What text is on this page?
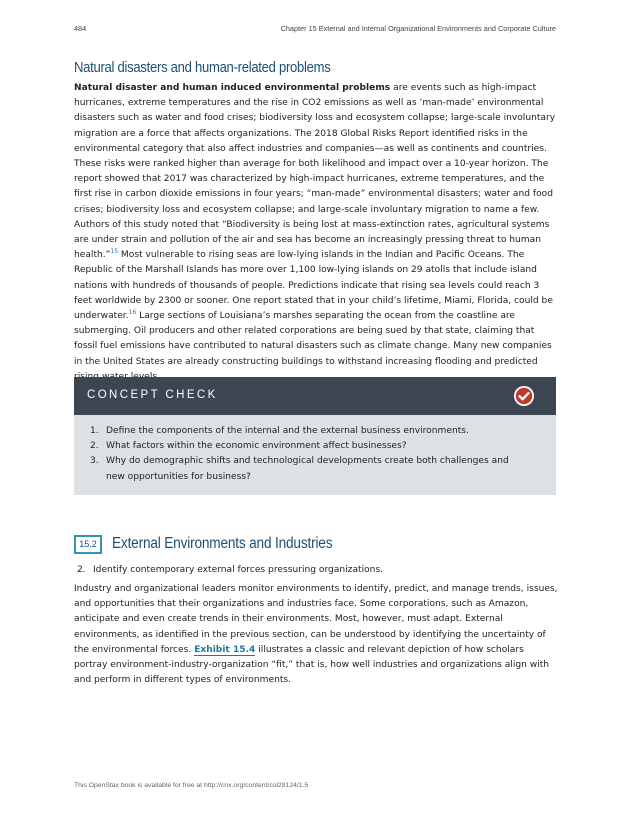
484	Chapter 15 External and Internal Organizational Environments and Corporate Culture
Natural disasters and human-related problems

Natural disaster and human induced environmental problems are events such as high-impact hurricanes, extreme temperatures and the rise in CO2 emissions as well as ‘man-made’ environmental disasters such as water and food crises; biodiversity loss and ecosystem collapse; large-scale involuntary migration are a force that affects organizations. The 2018 Global Risks Report identified risks in the environmental category that also affect industries and companies—as well as continents and countries. These risks were ranked higher than average for both likelihood and impact over a 10-year horizon. The report showed that 2017 was characterized by high-impact hurricanes, extreme temperatures, and the first rise in carbon dioxide emissions in four years; “man-made” environmental disasters; water and food crises; biodiversity loss and ecosystem collapse; and large-scale involuntary migration to name a few. Authors of this study noted that “Biodiversity is being lost at mass-extinction rates, agricultural systems are under strain and pollution of the air and sea has become an increasingly pressing threat to human health.”$^{15}$ Most vulnerable to rising seas are low-lying islands in the Indian and Pacific Oceans. The Republic of the Marshall Islands has more over 1,100 low-lying islands on 29 atolls that include island nations with hundreds of thousands of people. Predictions indicate that rising sea levels could reach 3 feet worldwide by 2300 or sooner. One report stated that in your child’s lifetime, Miami, Florida, could be underwater.$^{16}$ Large sections of Louisiana’s marshes separating the ocean from the coastline are submerging. Oil producers and other related corporations are being sued by that state, claiming that fossil fuel emissions have contributed to natural disasters such as climate change. Many new companies in the United States are already constructing buildings to withstand increasing flooding and predicted

CONCEPT CHECK
1. Define the components of the internal and the external business environments.
2. What factors within the economic environment affect businesses?
3. Why do demographic shifts and technological developments create both challenges and new opportunities for business?
15.2 External Environments and Industries
2. Identify contemporary external forces pressuring organizations.

Industry and organizational leaders monitor environments to identify, predict, and manage trends, issues, and opportunities that their organizations and industries face. Some corporations, such as Amazon, anticipate and even create trends in their environments. Most, however, must adapt. External environments, as identified in the previous section, can be understood by identifying the uncertainty of the environmental forces. Exhibit 15.4 illustrates a classic and relevant depiction of how scholars portray environment-industry-organization “fit,” that is, how well industries and organizations align with and perform in different types of environments.

This OpenStax book is available for free at http://cnx.org/content/col29124/1.5
